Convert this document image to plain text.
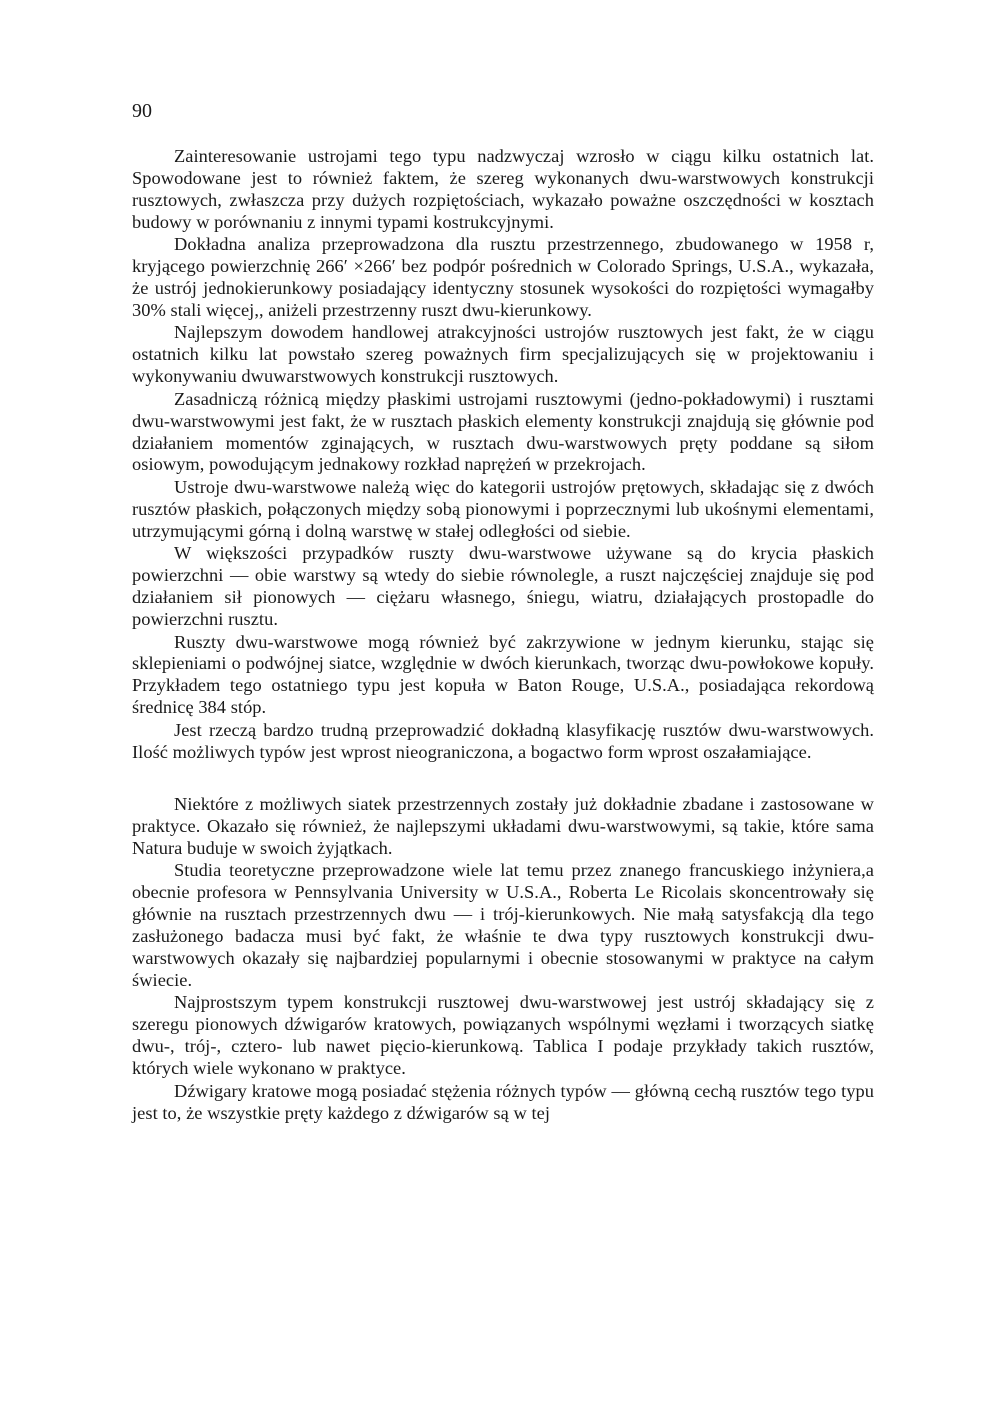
90

Zainteresowanie ustrojami tego typu nadzwyczaj wzrosło w ciągu kilku ostatnich lat. Spowodowane jest to również faktem, że szereg wykonanych dwu-warstwowych konstrukcji rusztowych, zwłaszcza przy dużych rozpiętościach, wykazało poważne oszczędności w kosztach budowy w porównaniu z innymi typami kostrukcyjnymi.

Dokładna analiza przeprowadzona dla rusztu przestrzennego, zbudowanego w 1958 r, kryjącego powierzchnię 266′ ×266′ bez podpór pośrednich w Colorado Springs, U.S.A., wykazała, że ustrój jednokierunkowy posiadający identyczny stosunek wysokości do rozpiętości wymagałby 30% stali więcej,, aniżeli przestrzenny ruszt dwu-kierunkowy.

Najlepszym dowodem handlowej atrakcyjności ustrojów rusztowych jest fakt, że w ciągu ostatnich kilku lat powstało szereg poważnych firm specjalizujących się w projektowaniu i wykonywaniu dwuwarstwowych konstrukcji rusztowych.

Zasadniczą różnicą między płaskimi ustrojami rusztowymi (jedno-pokładowymi) i rusztami dwu-warstwowymi jest fakt, że w rusztach płaskich elementy konstrukcji znajdują się głównie pod działaniem momentów zginających, w rusztach dwu-warstwowych pręty poddane są siłom osiowym, powodującym jednakowy rozkład naprężeń w przekrojach.

Ustroje dwu-warstwowe należą więc do kategorii ustrojów prętowych, składając się z dwóch rusztów płaskich, połączonych między sobą pionowymi i poprzecznymi lub ukośnymi elementami, utrzymującymi górną i dolną warstwę w stałej odległości od siebie.

W większości przypadków ruszty dwu-warstwowe używane są do krycia płaskich powierzchni — obie warstwy są wtedy do siebie równolegle, a ruszt najczęściej znajduje się pod działaniem sił pionowych — ciężaru własnego, śniegu, wiatru, działających prostopadle do powierzchni rusztu.

Ruszty dwu-warstwowe mogą również być zakrzywione w jednym kierunku, stając się sklepieniami o podwójnej siatce, względnie w dwóch kierunkach, tworząc dwu-powłokowe kopuły. Przykładem tego ostatniego typu jest kopuła w Baton Rouge, U.S.A., posiadająca rekordową średnicę 384 stóp.

Jest rzeczą bardzo trudną przeprowadzić dokładną klasyfikację rusztów dwu-warstwowych. Ilość możliwych typów jest wprost nieograniczona, a bogactwo form wprost oszałamiające.

Niektóre z możliwych siatek przestrzennych zostały już dokładnie zbadane i zastosowane w praktyce. Okazało się również, że najlepszymi układami dwu-warstwowymi, są takie, które sama Natura buduje w swoich żyjątkach.

Studia teoretyczne przeprowadzone wiele lat temu przez znanego francuskiego inżyniera,a obecnie profesora w Pennsylvania University w U.S.A., Roberta Le Ricolais skoncentrowały się głównie na rusztach przestrzennych dwu — i trój-kierunkowych. Nie małą satysfakcją dla tego zasłużonego badacza musi być fakt, że właśnie te dwa typy rusztowych konstrukcji dwu-warstwowych okazały się najbardziej popularnymi i obecnie stosowanymi w praktyce na całym świecie.

Najprostszym typem konstrukcji rusztowej dwu-warstwowej jest ustrój składający się z szeregu pionowych dźwigarów kratowych, powiązanych wspólnymi węzłami i tworzących siatkę dwu-, trój-, cztero- lub nawet pięcio-kierunkową. Tablica I podaje przykłady takich rusztów, których wiele wykonano w praktyce.

Dźwigary kratowe mogą posiadać stężenia różnych typów — główną cechą rusztów tego typu jest to, że wszystkie pręty każdego z dźwigarów są w tej
